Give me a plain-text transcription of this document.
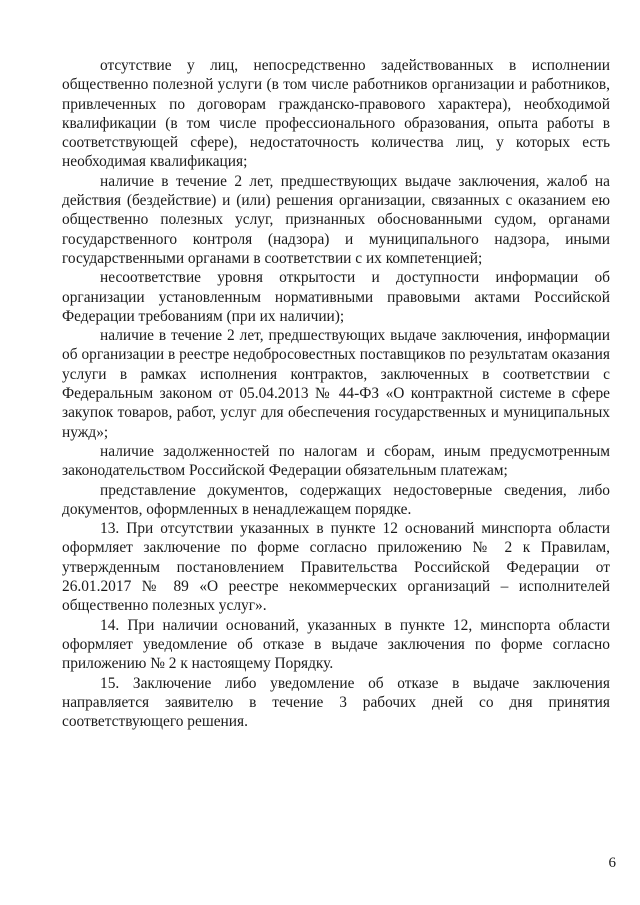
отсутствие у лиц, непосредственно задействованных в исполнении общественно полезной услуги (в том числе работников организации и работников, привлеченных по договорам гражданско-правового характера), необходимой квалификации (в том числе профессионального образования, опыта работы в соответствующей сфере), недостаточность количества лиц, у которых есть необходимая квалификация;

наличие в течение 2 лет, предшествующих выдаче заключения, жалоб на действия (бездействие) и (или) решения организации, связанных с оказанием ею общественно полезных услуг, признанных обоснованными судом, органами государственного контроля (надзора) и муниципального надзора, иными государственными органами в соответствии с их компетенцией;

несоответствие уровня открытости и доступности информации об организации установленным нормативными правовыми актами Российской Федерации требованиям (при их наличии);

наличие в течение 2 лет, предшествующих выдаче заключения, информации об организации в реестре недобросовестных поставщиков по результатам оказания услуги в рамках исполнения контрактов, заключенных в соответствии с Федеральным законом от 05.04.2013 № 44-ФЗ «О контрактной системе в сфере закупок товаров, работ, услуг для обеспечения государственных и муниципальных нужд»;

наличие задолженностей по налогам и сборам, иным предусмотренным законодательством Российской Федерации обязательным платежам;

представление документов, содержащих недостоверные сведения, либо документов, оформленных в ненадлежащем порядке.

13. При отсутствии указанных в пункте 12 оснований минспорта области оформляет заключение по форме согласно приложению № 2 к Правилам, утвержденным постановлением Правительства Российской Федерации от 26.01.2017 № 89 «О реестре некоммерческих организаций – исполнителей общественно полезных услуг».

14. При наличии оснований, указанных в пункте 12, минспорта области оформляет уведомление об отказе в выдаче заключения по форме согласно приложению № 2 к настоящему Порядку.

15. Заключение либо уведомление об отказе в выдаче заключения направляется заявителю в течение 3 рабочих дней со дня принятия соответствующего решения.

6
